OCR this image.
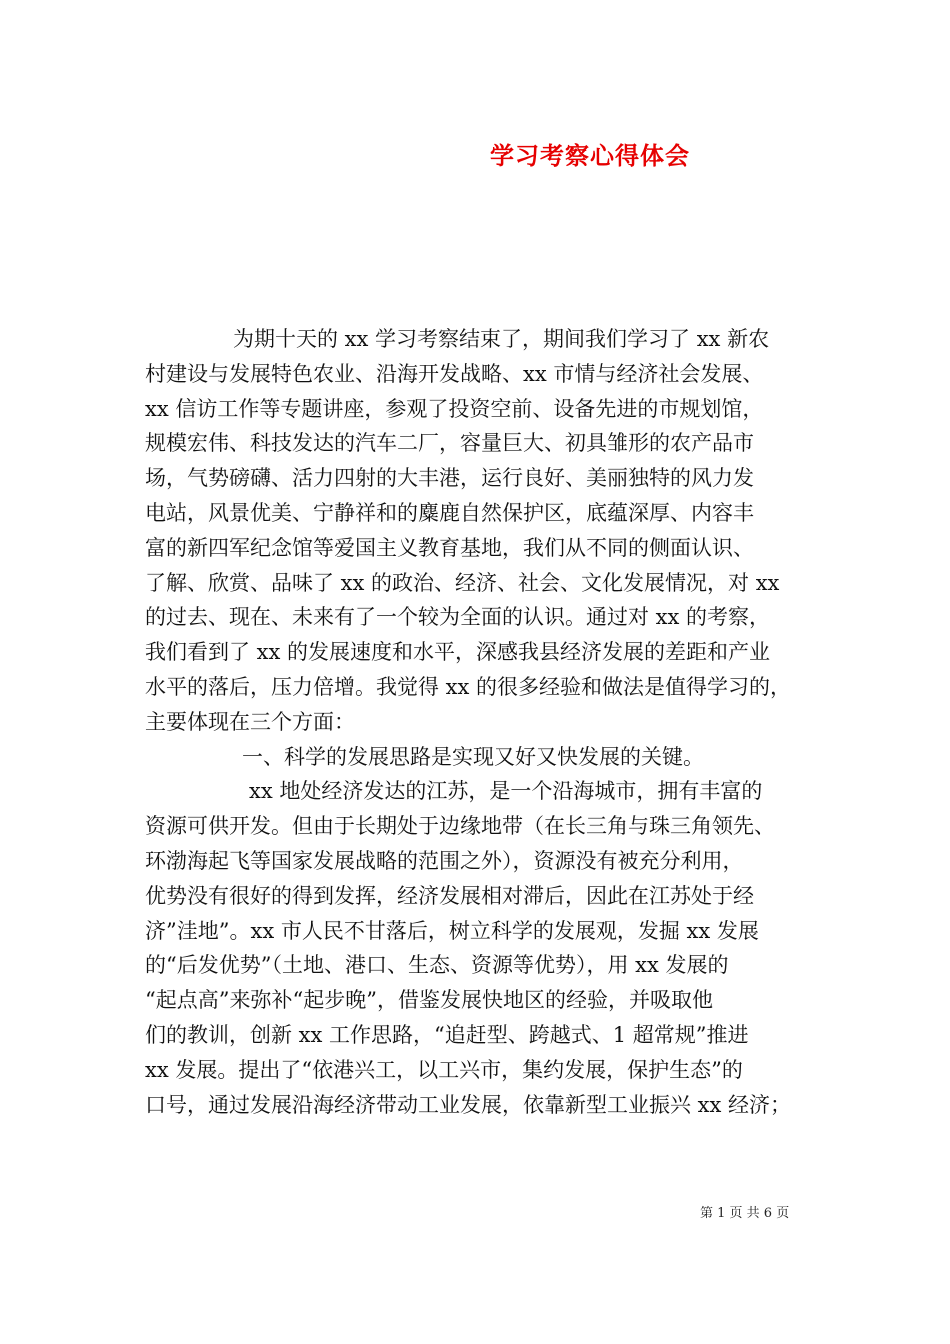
学习考察心得体会

为期十天的 xx 学习考察结束了，期间我们学习了 xx 新农

村建设与发展特色农业、沿海开发战略、xx 市情与经济社会发展、

xx 信访工作等专题讲座，参观了投资空前、设备先进的市规划馆，

规模宏伟、科技发达的汽车二厂，容量巨大、初具雏形的农产品市

场，气势磅礴、活力四射的大丰港，运行良好、美丽独特的风力发

电站，风景优美、宁静祥和的麋鹿自然保护区，底蕴深厚、内容丰

富的新四军纪念馆等爱国主义教育基地，我们从不同的侧面认识、

了解、欣赏、品味了 xx 的政治、经济、社会、文化发展情况，对 xx

的过去、现在、未来有了一个较为全面的认识。通过对 xx 的考察，

我们看到了 xx 的发展速度和水平，深感我县经济发展的差距和产业

水平的落后，压力倍增。我觉得 xx 的很多经验和做法是值得学习的，

主要体现在三个方面：

一、科学的发展思路是实现又好又快发展的关键。

xx 地处经济发达的江苏，是一个沿海城市，拥有丰富的

资源可供开发。但由于长期处于边缘地带（在长三角与珠三角领先、

环渤海起飞等国家发展战略的范围之外），资源没有被充分利用，

优势没有很好的得到发挥，经济发展相对滞后，因此在江苏处于经

济”洼地”。xx 市人民不甘落后，树立科学的发展观，发掘 xx 发展

的“后发优势”（土地、港口、生态、资源等优势），用 xx 发展的

“起点高”来弥补“起步晚”，借鉴发展快地区的经验，并吸取他

们的教训，创新 xx 工作思路，“追赶型、跨越式、1 超常规”推进

xx 发展。提出了“依港兴工，以工兴市，集约发展，保护生态”的

口号，通过发展沿海经济带动工业发展，依靠新型工业振兴 xx 经济；

第 1 页 共 6 页
